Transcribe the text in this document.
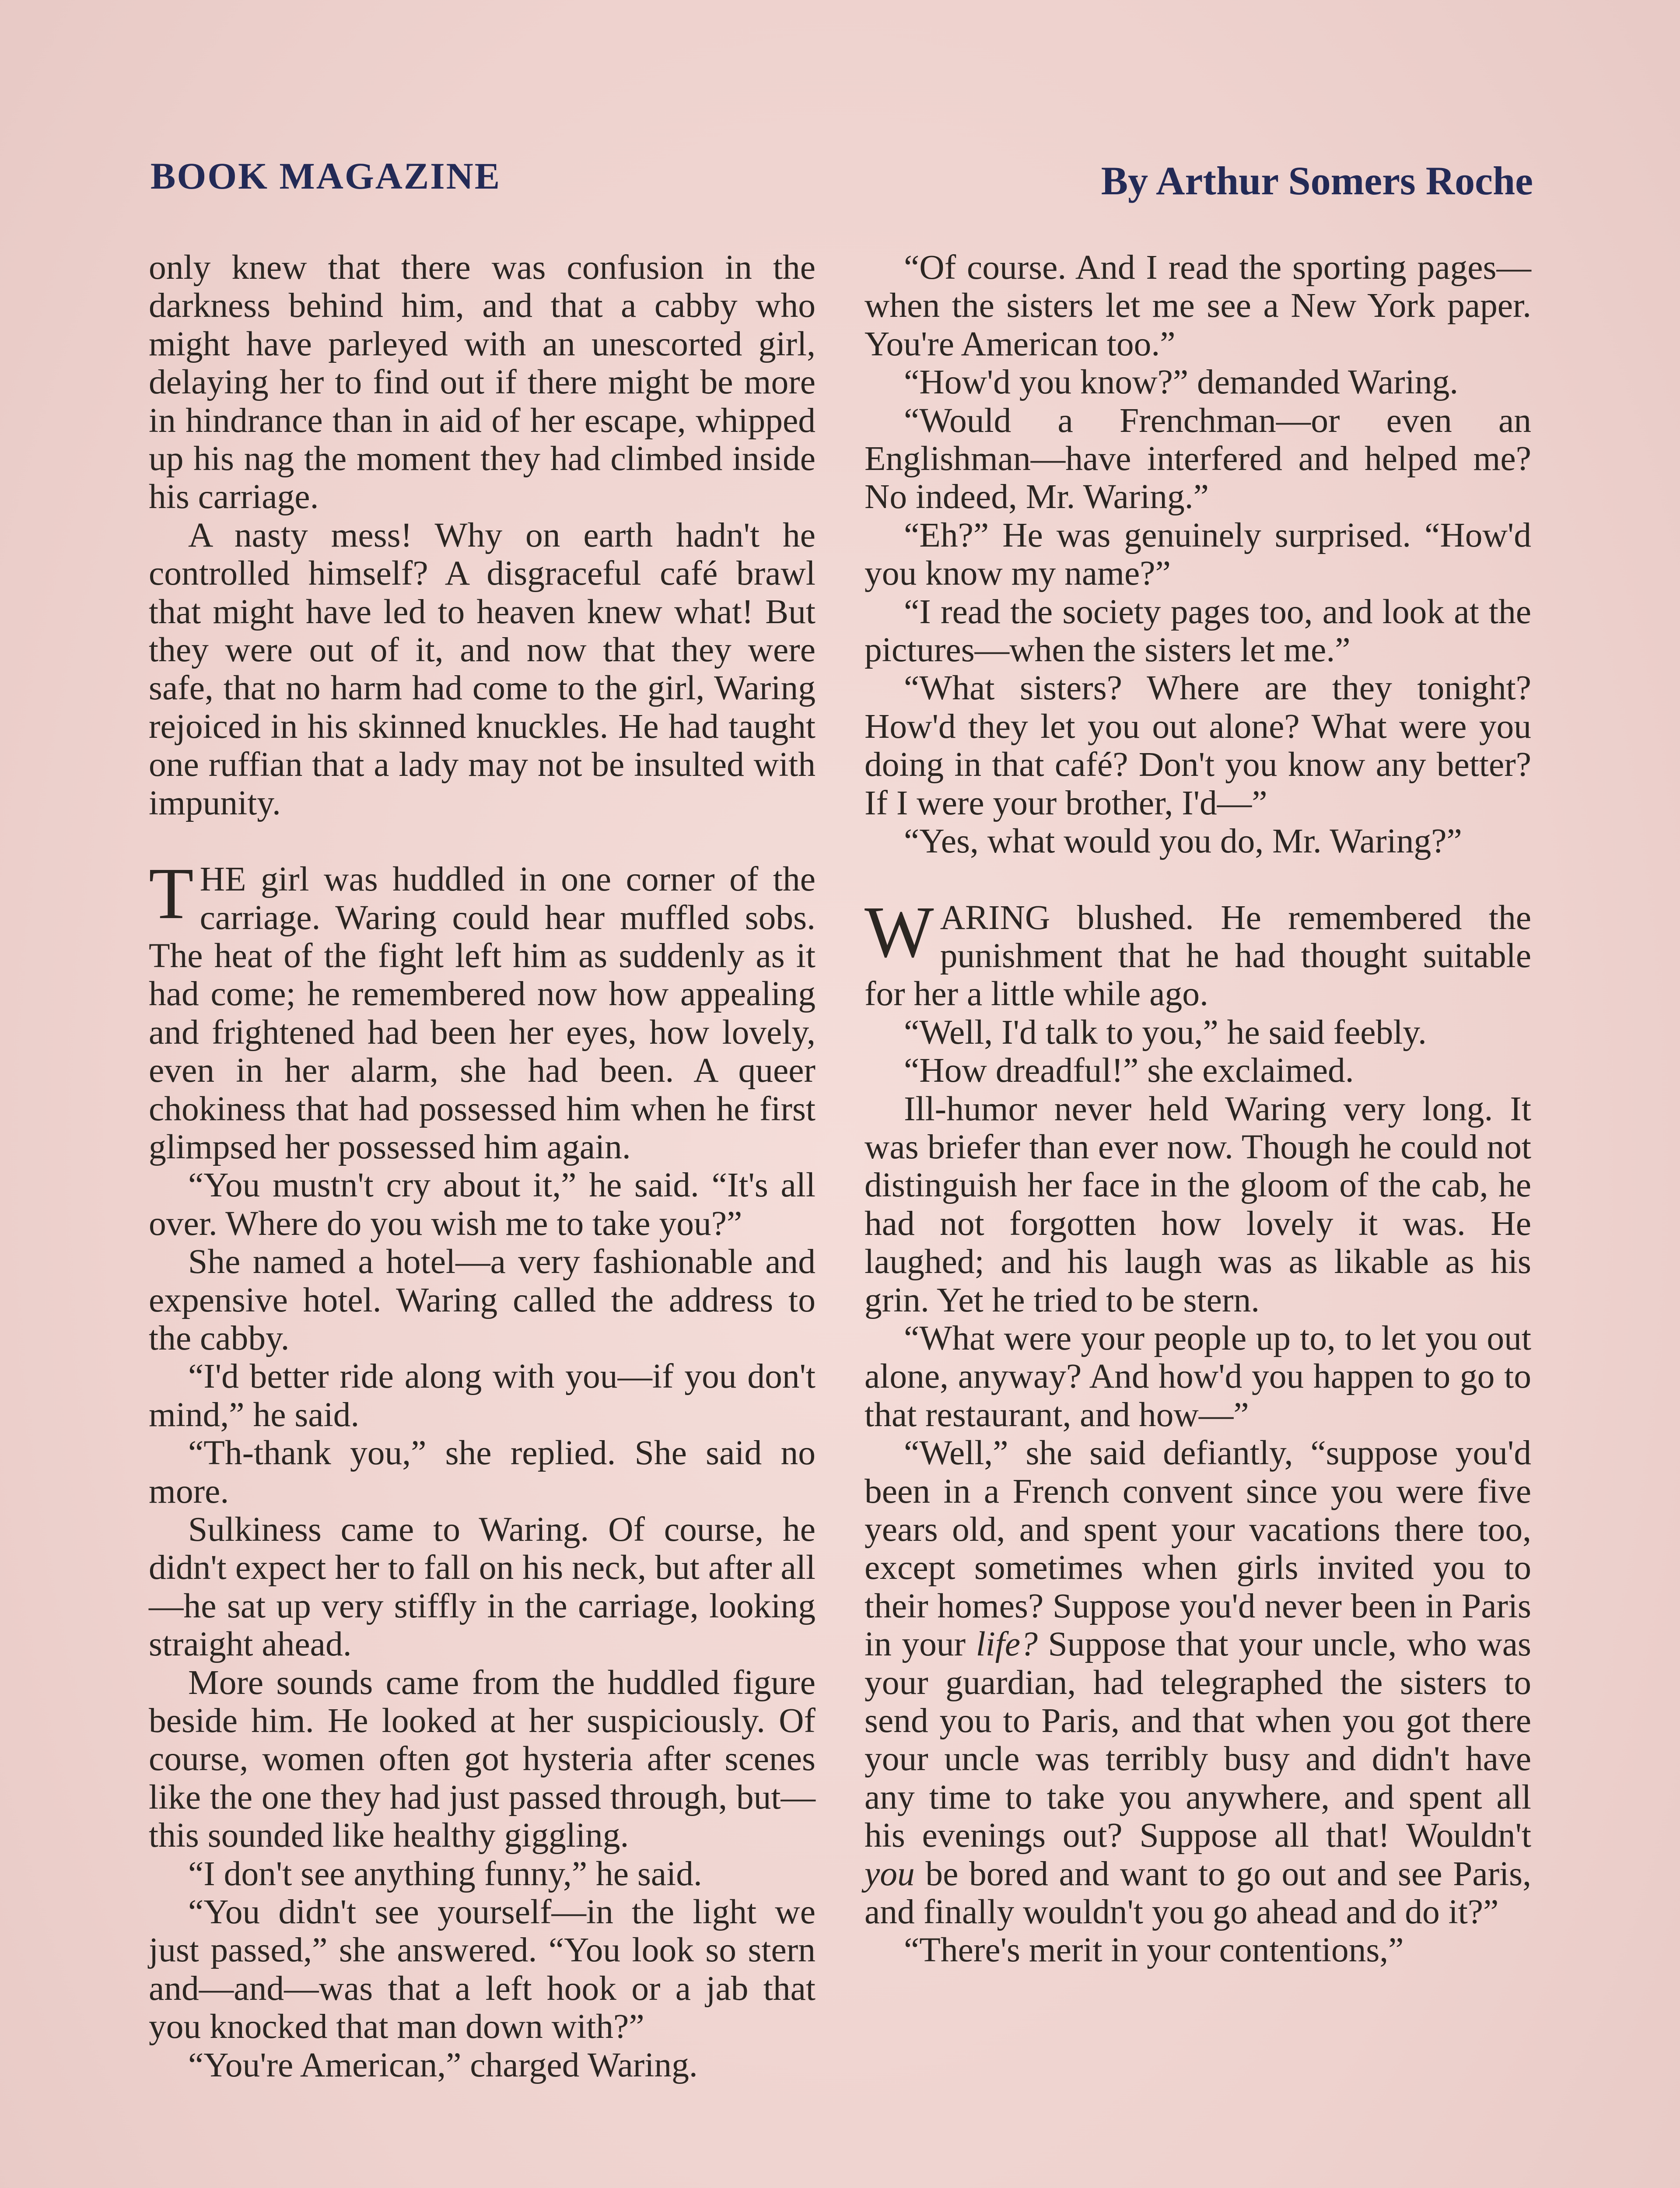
BOOK MAGAZINE	By Arthur Somers Roche

only knew that there was confusion in the darkness behind him, and that a cabby who might have parleyed with an unescorted girl, delaying her to find out if there might be more in hindrance than in aid of her escape, whipped up his nag the moment they had climbed inside his carriage.

A nasty mess! Why on earth hadn't he controlled himself? A disgraceful café brawl that might have led to heaven knew what! But they were out of it, and now that they were safe, that no harm had come to the girl, Waring rejoiced in his skinned knuckles. He had taught one ruffian that a lady may not be insulted with impunity.

THE girl was huddled in one corner of the carriage. Waring could hear muffled sobs. The heat of the fight left him as suddenly as it had come; he remembered now how appealing and frightened had been her eyes, how lovely, even in her alarm, she had been. A queer chokiness that had possessed him when he first glimpsed her possessed him again.

“You mustn't cry about it,” he said. “It's all over. Where do you wish me to take you?”

She named a hotel—a very fashionable and expensive hotel. Waring called the address to the cabby.

“I'd better ride along with you—if you don't mind,” he said.

“Th-thank you,” she replied. She said no more.

Sulkiness came to Waring. Of course, he didn't expect her to fall on his neck, but after all—he sat up very stiffly in the carriage, looking straight ahead.

More sounds came from the huddled figure beside him. He looked at her suspiciously. Of course, women often got hysteria after scenes like the one they had just passed through, but—this sounded like healthy giggling.

“I don't see anything funny,” he said.

“You didn't see yourself—in the light we just passed,” she answered. “You look so stern and—and—was that a left hook or a jab that you knocked that man down with?”

“You're American,” charged Waring.

“Of course. And I read the sporting pages—when the sisters let me see a New York paper. You're American too.”

“How'd you know?” demanded Waring.

“Would a Frenchman—or even an Englishman—have interfered and helped me? No indeed, Mr. Waring.”

“Eh?” He was genuinely surprised. “How'd you know my name?”

“I read the society pages too, and look at the pictures—when the sisters let me.”

“What sisters? Where are they tonight? How'd they let you out alone? What were you doing in that café? Don't you know any better? If I were your brother, I'd—”

“Yes, what would you do, Mr. Waring?”

WARING blushed. He remembered the punishment that he had thought suitable for her a little while ago.

“Well, I'd talk to you,” he said feebly.

“How dreadful!” she exclaimed.

Ill-humor never held Waring very long. It was briefer than ever now. Though he could not distinguish her face in the gloom of the cab, he had not forgotten how lovely it was. He laughed; and his laugh was as likable as his grin. Yet he tried to be stern.

“What were your people up to, to let you out alone, anyway? And how'd you happen to go to that restaurant, and how—”

“Well,” she said defiantly, “suppose you'd been in a French convent since you were five years old, and spent your vacations there too, except sometimes when girls invited you to their homes? Suppose you'd never been in Paris in your life? Suppose that your uncle, who was your guardian, had telegraphed the sisters to send you to Paris, and that when you got there your uncle was terribly busy and didn't have any time to take you anywhere, and spent all his evenings out? Suppose all that! Wouldn't you be bored and want to go out and see Paris, and finally wouldn't you go ahead and do it?”

“There's merit in your contentions,”
